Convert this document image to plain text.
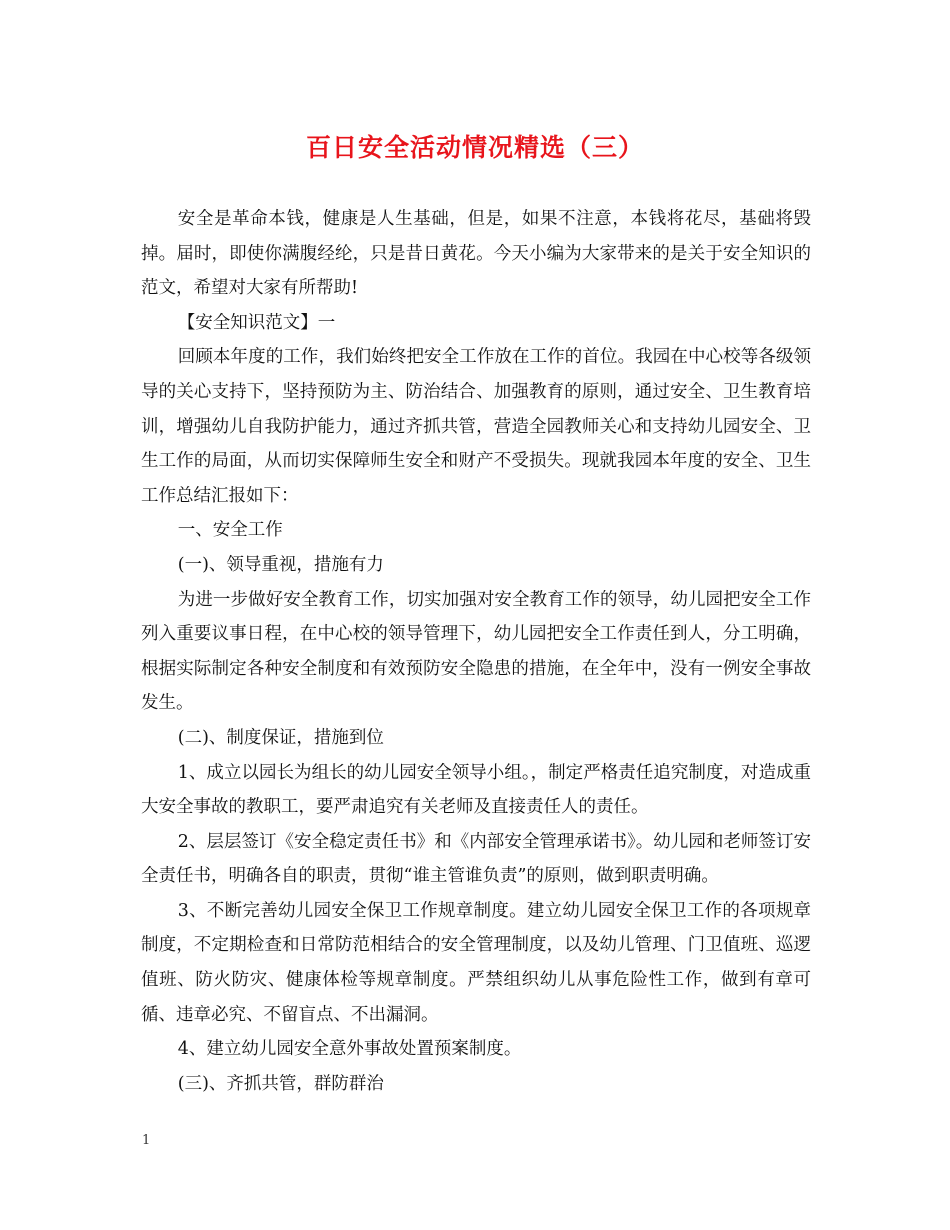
百日安全活动情况精选（三）

安全是革命本钱，健康是人生基础，但是，如果不注意，本钱将花尽，基础将毁掉。届时，即使你满腹经纶，只是昔日黄花。今天小编为大家带来的是关于安全知识的范文，希望对大家有所帮助!

【安全知识范文】一

回顾本年度的工作，我们始终把安全工作放在工作的首位。我园在中心校等各级领导的关心支持下，坚持预防为主、防治结合、加强教育的原则，通过安全、卫生教育培训，增强幼儿自我防护能力，通过齐抓共管，营造全园教师关心和支持幼儿园安全、卫生工作的局面，从而切实保障师生安全和财产不受损失。现就我园本年度的安全、卫生工作总结汇报如下：

一、安全工作

(一)、领导重视，措施有力

为进一步做好安全教育工作，切实加强对安全教育工作的领导，幼儿园把安全工作列入重要议事日程，在中心校的领导管理下，幼儿园把安全工作责任到人，分工明确，根据实际制定各种安全制度和有效预防安全隐患的措施，在全年中，没有一例安全事故发生。

(二)、制度保证，措施到位

1、成立以园长为组长的幼儿园安全领导小组。，制定严格责任追究制度，对造成重大安全事故的教职工，要严肃追究有关老师及直接责任人的责任。

2、层层签订《安全稳定责任书》和《内部安全管理承诺书》。幼儿园和老师签订安全责任书，明确各自的职责，贯彻“谁主管谁负责”的原则，做到职责明确。

3、不断完善幼儿园安全保卫工作规章制度。建立幼儿园安全保卫工作的各项规章制度，不定期检查和日常防范相结合的安全管理制度，以及幼儿管理、门卫值班、巡逻值班、防火防灾、健康体检等规章制度。严禁组织幼儿从事危险性工作，做到有章可循、违章必究、不留盲点、不出漏洞。

4、建立幼儿园安全意外事故处置预案制度。

(三)、齐抓共管，群防群治

1
